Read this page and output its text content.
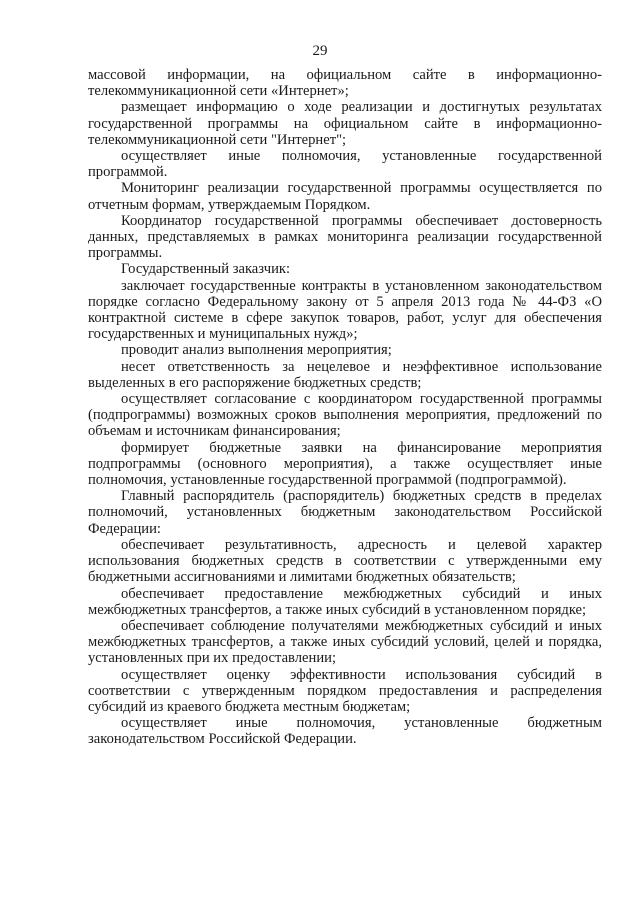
29

массовой информации, на официальном сайте в информационно-телекоммуникационной сети «Интернет»;

размещает информацию о ходе реализации и достигнутых результатах государственной программы на официальном сайте в информационно-телекоммуникационной сети "Интернет";

осуществляет иные полномочия, установленные государственной программой.

Мониторинг реализации государственной программы осуществляется по отчетным формам, утверждаемым Порядком.

Координатор государственной программы обеспечивает достоверность данных, представляемых в рамках мониторинга реализации государственной программы.

Государственный заказчик:

заключает государственные контракты в установленном законодательством порядке согласно Федеральному закону от 5 апреля 2013 года № 44-ФЗ «О контрактной системе в сфере закупок товаров, работ, услуг для обеспечения государственных и муниципальных нужд»;

проводит анализ выполнения мероприятия;

несет ответственность за нецелевое и неэффективное использование выделенных в его распоряжение бюджетных средств;

осуществляет согласование с координатором государственной программы (подпрограммы) возможных сроков выполнения мероприятия, предложений по объемам и источникам финансирования;

формирует бюджетные заявки на финансирование мероприятия подпрограммы (основного мероприятия), а также осуществляет иные полномочия, установленные государственной программой (подпрограммой).

Главный распорядитель (распорядитель) бюджетных средств в пределах полномочий, установленных бюджетным законодательством Российской Федерации:

обеспечивает результативность, адресность и целевой характер использования бюджетных средств в соответствии с утвержденными ему бюджетными ассигнованиями и лимитами бюджетных обязательств;

обеспечивает предоставление межбюджетных субсидий и иных межбюджетных трансфертов, а также иных субсидий в установленном порядке;

обеспечивает соблюдение получателями межбюджетных субсидий и иных межбюджетных трансфертов, а также иных субсидий условий, целей и порядка, установленных при их предоставлении;

осуществляет оценку эффективности использования субсидий в соответствии с утвержденным порядком предоставления и распределения субсидий из краевого бюджета местным бюджетам;

осуществляет иные полномочия, установленные бюджетным законодательством Российской Федерации.
